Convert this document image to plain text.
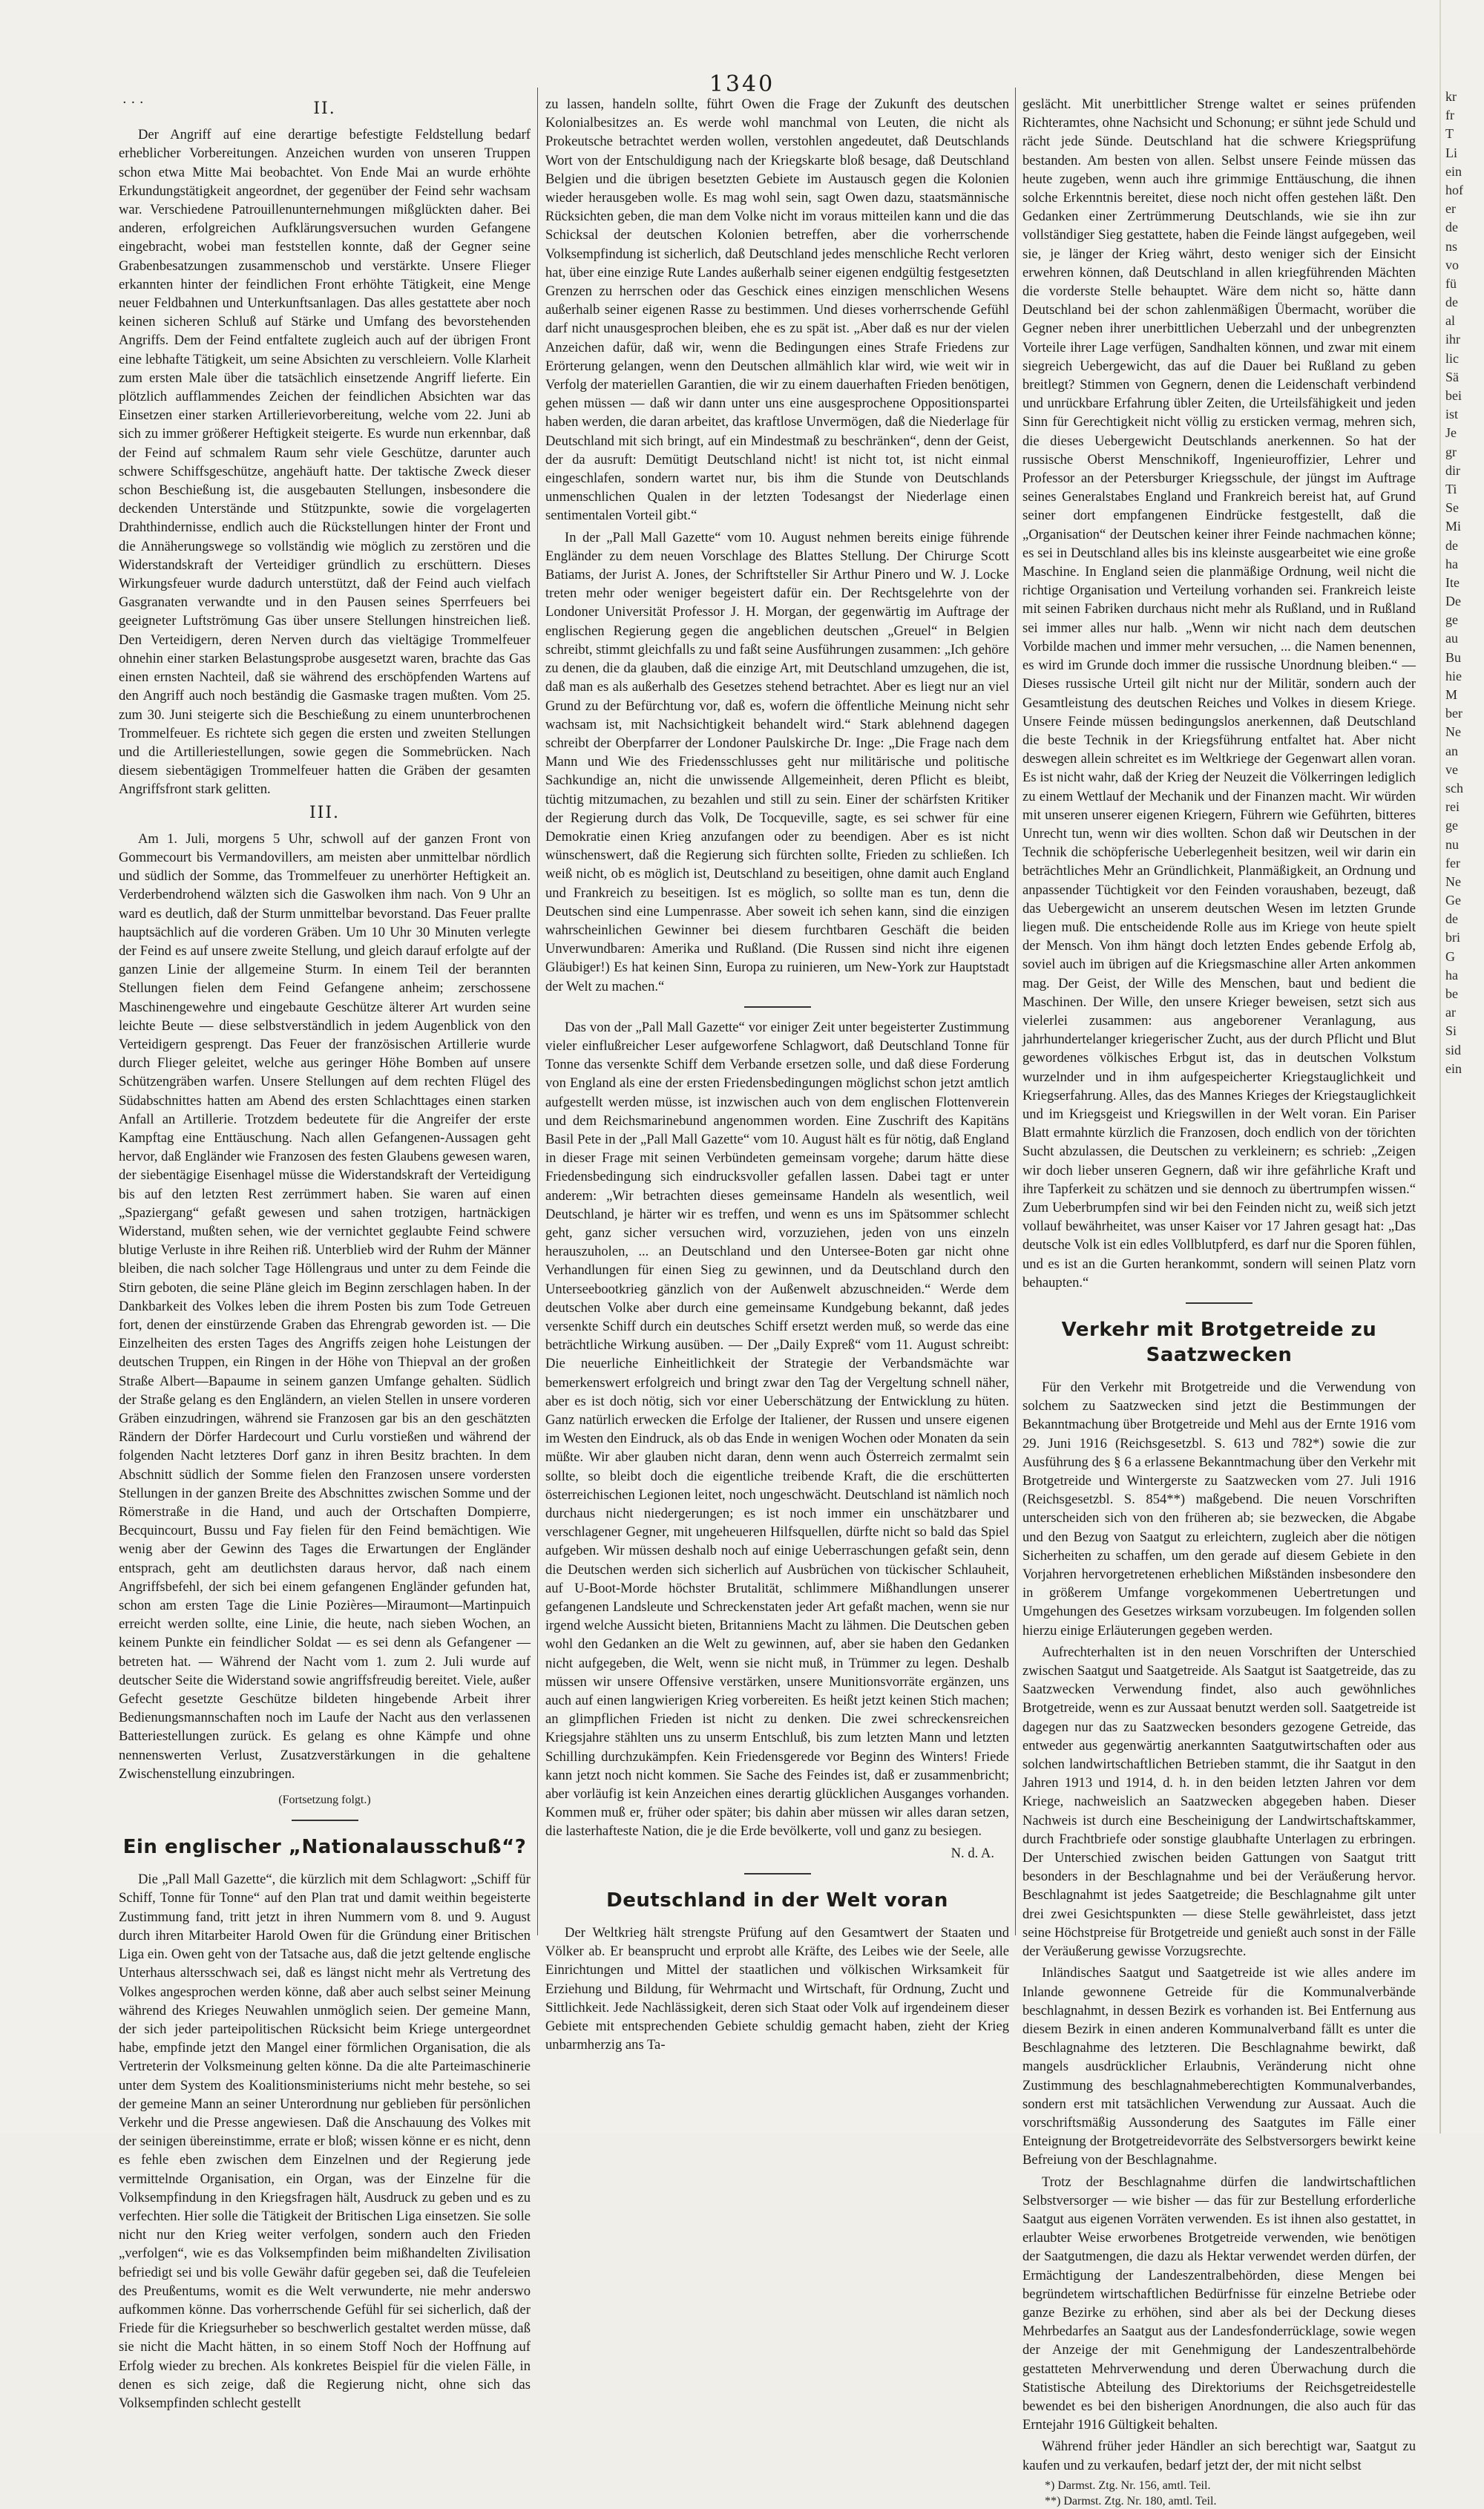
· · ·
1340
II.

Der Angriff auf eine derartige befestigte Feldstellung bedarf erheblicher Vorbereitungen. Anzeichen wurden von unseren Truppen schon etwa Mitte Mai beobachtet. Von Ende Mai an wurde erhöhte Erkundungstätigkeit angeordnet, der gegenüber der Feind sehr wachsam war. Verschiedene Patrouillenunternehmungen mißglückten daher. Bei anderen, erfolgreichen Aufklärungsversuchen wurden Gefangene eingebracht, wobei man feststellen konnte, daß der Gegner seine Grabenbesatzungen zusammenschob und verstärkte. Unsere Flieger erkannten hinter der feindlichen Front erhöhte Tätigkeit, eine Menge neuer Feldbahnen und Unterkunftsanlagen. Das alles gestattete aber noch keinen sicheren Schluß auf Stärke und Umfang des bevorstehenden Angriffs. Dem der Feind entfaltete zugleich auch auf der übrigen Front eine lebhafte Tätigkeit, um seine Absichten zu verschleiern. Volle Klarheit zum ersten Male über die tatsächlich einsetzende Angriff lieferte. Ein plötzlich aufflammendes Zeichen der feindlichen Absichten war das Einsetzen einer starken Artillerievorbereitung, welche vom 22. Juni ab sich zu immer größerer Heftigkeit steigerte. Es wurde nun erkennbar, daß der Feind auf schmalem Raum sehr viele Geschütze, darunter auch schwere Schiffsgeschütze, angehäuft hatte. Der taktische Zweck dieser schon Beschießung ist, die ausgebauten Stellungen, insbesondere die deckenden Unterstände und Stützpunkte, sowie die vorgelagerten Drahthindernisse, endlich auch die Rückstellungen hinter der Front und die Annäherungswege so vollständig wie möglich zu zerstören und die Widerstandskraft der Verteidiger gründlich zu erschüttern. Dieses Wirkungsfeuer wurde dadurch unterstützt, daß der Feind auch vielfach Gasgranaten verwandte und in den Pausen seines Sperrfeuers bei geeigneter Luftströmung Gas über unsere Stellungen hinstreichen ließ. Den Verteidigern, deren Nerven durch das vieltägige Trommelfeuer ohnehin einer starken Belastungsprobe ausgesetzt waren, brachte das Gas einen ernsten Nachteil, daß sie während des erschöpfenden Wartens auf den Angriff auch noch beständig die Gasmaske tragen mußten. Vom 25. zum 30. Juni steigerte sich die Beschießung zu einem ununterbrochenen Trommelfeuer. Es richtete sich gegen die ersten und zweiten Stellungen und die Artilleriestellungen, sowie gegen die Sommebrücken. Nach diesem siebentägigen Trommelfeuer hatten die Gräben der gesamten Angriffsfront stark gelitten.

III.

Am 1. Juli, morgens 5 Uhr, schwoll auf der ganzen Front von Gommecourt bis Vermandovillers, am meisten aber unmittelbar nördlich und südlich der Somme, das Trommelfeuer zu unerhörter Heftigkeit an. Verderbendrohend wälzten sich die Gaswolken ihm nach. Von 9 Uhr an ward es deutlich, daß der Sturm unmittelbar bevorstand. Das Feuer prallte hauptsächlich auf die vorderen Gräben. Um 10 Uhr 30 Minuten verlegte der Feind es auf unsere zweite Stellung, und gleich darauf erfolgte auf der ganzen Linie der allgemeine Sturm. In einem Teil der berannten Stellungen fielen dem Feind Gefangene anheim; zerschossene Maschinengewehre und eingebaute Geschütze älterer Art wurden seine leichte Beute — diese selbstverständlich in jedem Augenblick von den Verteidigern gesprengt. Das Feuer der französischen Artillerie wurde durch Flieger geleitet, welche aus geringer Höhe Bomben auf unsere Schützengräben warfen. Unsere Stellungen auf dem rechten Flügel des Südabschnittes hatten am Abend des ersten Schlachttages einen starken Anfall an Artillerie. Trotzdem bedeutete für die Angreifer der erste Kampftag eine Enttäuschung. Nach allen Gefangenen-Aussagen geht hervor, daß Engländer wie Franzosen des festen Glaubens gewesen waren, der siebentägige Eisenhagel müsse die Widerstandskraft der Verteidigung bis auf den letzten Rest zerrümmert haben. Sie waren auf einen „Spaziergang“ gefaßt gewesen und sahen trotzigen, hartnäckigen Widerstand, mußten sehen, wie der vernichtet geglaubte Feind schwere blutige Verluste in ihre Reihen riß. Unterblieb wird der Ruhm der Männer bleiben, die nach solcher Tage Höllengraus und unter zu dem Feinde die Stirn geboten, die seine Pläne gleich im Beginn zerschlagen haben. In der Dankbarkeit des Volkes leben die ihrem Posten bis zum Tode Getreuen fort, denen der einstürzende Graben das Ehrengrab geworden ist. — Die Einzelheiten des ersten Tages des Angriffs zeigen hohe Leistungen der deutschen Truppen, ein Ringen in der Höhe von Thiepval an der großen Straße Albert—Bapaume in seinem ganzen Umfange gehalten. Südlich der Straße gelang es den Engländern, an vielen Stellen in unsere vorderen Gräben einzudringen, während sie Franzosen gar bis an den geschätzten Rändern der Dörfer Hardecourt und Curlu vorstießen und während der folgenden Nacht letzteres Dorf ganz in ihren Besitz brachten. In dem Abschnitt südlich der Somme fielen den Franzosen unsere vordersten Stellungen in der ganzen Breite des Abschnittes zwischen Somme und der Römerstraße in die Hand, und auch der Ortschaften Dompierre, Becquincourt, Bussu und Fay fielen für den Feind bemächtigen. Wie wenig aber der Gewinn des Tages die Erwartungen der Engländer entsprach, geht am deutlichsten daraus hervor, daß nach einem Angriffsbefehl, der sich bei einem gefangenen Engländer gefunden hat, schon am ersten Tage die Linie Pozières—Miraumont—Martinpuich erreicht werden sollte, eine Linie, die heute, nach sieben Wochen, an keinem Punkte ein feindlicher Soldat — es sei denn als Gefangener — betreten hat. — Während der Nacht vom 1. zum 2. Juli wurde auf deutscher Seite die Widerstand sowie angriffsfreudig bereitet. Viele, außer Gefecht gesetzte Geschütze bildeten hingebende Arbeit ihrer Bedienungsmannschaften noch im Laufe der Nacht aus den verlassenen Batteriestellungen zurück. Es gelang es ohne Kämpfe und ohne nennenswerten Verlust, Zusatzverstärkungen in die gehaltene Zwischenstellung einzubringen.

(Fortsetzung folgt.)
Ein englischer „Nationalausschuß“?

Die „Pall Mall Gazette“, die kürzlich mit dem Schlagwort: „Schiff für Schiff, Tonne für Tonne“ auf den Plan trat und damit weithin begeisterte Zustimmung fand, tritt jetzt in ihren Nummern vom 8. und 9. August durch ihren Mitarbeiter Harold Owen für die Gründung einer Britischen Liga ein. Owen geht von der Tatsache aus, daß die jetzt geltende englische Unterhaus altersschwach sei, daß es längst nicht mehr als Vertretung des Volkes angesprochen werden könne, daß aber auch selbst seiner Meinung während des Krieges Neuwahlen unmöglich seien. Der gemeine Mann, der sich jeder parteipolitischen Rücksicht beim Kriege untergeordnet habe, empfinde jetzt den Mangel einer förmlichen Organisation, die als Vertreterin der Volksmeinung gelten könne. Da die alte Parteimaschinerie unter dem System des Koalitionsministeriums nicht mehr bestehe, so sei der gemeine Mann an seiner Unterordnung nur geblieben für persönlichen Verkehr und die Presse angewiesen. Daß die Anschauung des Volkes mit der seinigen übereinstimme, errate er bloß; wissen könne er es nicht, denn es fehle eben zwischen dem Einzelnen und der Regierung jede vermittelnde Organisation, ein Organ, was der Einzelne für die Volksempfindung in den Kriegsfragen hält, Ausdruck zu geben und es zu verfechten. Hier solle die Tätigkeit der Britischen Liga einsetzen. Sie solle nicht nur den Krieg weiter verfolgen, sondern auch den Frieden „verfolgen“, wie es das Volksempfinden beim mißhandelten Zivilisation befriedigt sei und bis volle Gewähr dafür gegeben sei, daß die Teufeleien des Preußentums, womit es die Welt verwunderte, nie mehr anderswo aufkommen könne. Das vorherrschende Gefühl für sei sicherlich, daß der Friede für die Kriegsurheber so beschwerlich gestaltet werden müsse, daß sie nicht die Macht hätten, in so einem Stoff Noch der Hoffnung auf Erfolg wieder zu brechen. Als konkretes Beispiel für die vielen Fälle, in denen es sich zeige, daß die Regierung nicht, ohne sich das Volksempfinden schlecht gestellt

zu lassen, handeln sollte, führt Owen die Frage der Zukunft des deutschen Kolonialbesitzes an. Es werde wohl manchmal von Leuten, die nicht als Prokeutsche betrachtet werden wollen, verstohlen angedeutet, daß Deutschlands Wort von der Entschuldigung nach der Kriegskarte bloß besage, daß Deutschland Belgien und die übrigen besetzten Gebiete im Austausch gegen die Kolonien wieder herausgeben wolle. Es mag wohl sein, sagt Owen dazu, staatsmännische Rücksichten geben, die man dem Volke nicht im voraus mitteilen kann und die das Schicksal der deutschen Kolonien betreffen, aber die vorherrschende Volksempfindung ist sicherlich, daß Deutschland jedes menschliche Recht verloren hat, über eine einzige Rute Landes außerhalb seiner eigenen endgültig festgesetzten Grenzen zu herrschen oder das Geschick eines einzigen menschlichen Wesens außerhalb seiner eigenen Rasse zu bestimmen. Und dieses vorherrschende Gefühl darf nicht unausgesprochen bleiben, ehe es zu spät ist. „Aber daß es nur der vielen Anzeichen dafür, daß wir, wenn die Bedingungen eines Strafe Friedens zur Erörterung gelangen, wenn den Deutschen allmählich klar wird, wie weit wir in Verfolg der materiellen Garantien, die wir zu einem dauerhaften Frieden benötigen, gehen müssen — daß wir dann unter uns eine ausgesprochene Oppositionspartei haben werden, die daran arbeitet, das kraftlose Unvermögen, daß die Niederlage für Deutschland mit sich bringt, auf ein Mindestmaß zu beschränken“, denn der Geist, der da ausruft: Demütigt Deutschland nicht! ist nicht tot, ist nicht einmal eingeschlafen, sondern wartet nur, bis ihm die Stunde von Deutschlands unmenschlichen Qualen in der letzten Todesangst der Niederlage einen sentimentalen Vorteil gibt.“

In der „Pall Mall Gazette“ vom 10. August nehmen bereits einige führende Engländer zu dem neuen Vorschlage des Blattes Stellung. Der Chirurge Scott Batiams, der Jurist A. Jones, der Schriftsteller Sir Arthur Pinero und W. J. Locke treten mehr oder weniger begeistert dafür ein. Der Rechtsgelehrte von der Londoner Universität Professor J. H. Morgan, der gegenwärtig im Auftrage der englischen Regierung gegen die angeblichen deutschen „Greuel“ in Belgien schreibt, stimmt gleichfalls zu und faßt seine Ausführungen zusammen: „Ich gehöre zu denen, die da glauben, daß die einzige Art, mit Deutschland umzugehen, die ist, daß man es als außerhalb des Gesetzes stehend betrachtet. Aber es liegt nur an viel Grund zu der Befürchtung vor, daß es, wofern die öffentliche Meinung nicht sehr wachsam ist, mit Nachsichtigkeit behandelt wird.“ Stark ablehnend dagegen schreibt der Oberpfarrer der Londoner Paulskirche Dr. Inge: „Die Frage nach dem Mann und Wie des Friedensschlusses geht nur militärische und politische Sachkundige an, nicht die unwissende Allgemeinheit, deren Pflicht es bleibt, tüchtig mitzumachen, zu bezahlen und still zu sein. Einer der schärfsten Kritiker der Regierung durch das Volk, De Tocqueville, sagte, es sei schwer für eine Demokratie einen Krieg anzufangen oder zu beendigen. Aber es ist nicht wünschenswert, daß die Regierung sich fürchten sollte, Frieden zu schließen. Ich weiß nicht, ob es möglich ist, Deutschland zu beseitigen, ohne damit auch England und Frankreich zu beseitigen. Ist es möglich, so sollte man es tun, denn die Deutschen sind eine Lumpenrasse. Aber soweit ich sehen kann, sind die einzigen wahrscheinlichen Gewinner bei diesem furchtbaren Geschäft die beiden Unverwundbaren: Amerika und Rußland. (Die Russen sind nicht ihre eigenen Gläubiger!) Es hat keinen Sinn, Europa zu ruinieren, um New-York zur Hauptstadt der Welt zu machen.“

Das von der „Pall Mall Gazette“ vor einiger Zeit unter begeisterter Zustimmung vieler einflußreicher Leser aufgeworfene Schlagwort, daß Deutschland Tonne für Tonne das versenkte Schiff dem Verbande ersetzen solle, und daß diese Forderung von England als eine der ersten Friedensbedingungen möglichst schon jetzt amtlich aufgestellt werden müsse, ist inzwischen auch von dem englischen Flottenverein und dem Reichsmarinebund angenommen worden. Eine Zuschrift des Kapitäns Basil Pete in der „Pall Mall Gazette“ vom 10. August hält es für nötig, daß England in dieser Frage mit seinen Verbündeten gemeinsam vorgehe; darum hätte diese Friedensbedingung sich eindrucksvoller gefallen lassen. Dabei tagt er unter anderem: „Wir betrachten dieses gemeinsame Handeln als wesentlich, weil Deutschland, je härter wir es treffen, und wenn es uns im Spätsommer schlecht geht, ganz sicher versuchen wird, vorzuziehen, jeden von uns einzeln herauszuholen, ... an Deutschland und den Untersee-Boten gar nicht ohne Verhandlungen für einen Sieg zu gewinnen, und da Deutschland durch den Unterseebootkrieg gänzlich von der Außenwelt abzuschneiden.“ Werde dem deutschen Volke aber durch eine gemeinsame Kundgebung bekannt, daß jedes versenkte Schiff durch ein deutsches Schiff ersetzt werden muß, so werde das eine beträchtliche Wirkung ausüben. — Der „Daily Expreß“ vom 11. August schreibt: Die neuerliche Einheitlichkeit der Strategie der Verbandsmächte war bemerkenswert erfolgreich und bringt zwar den Tag der Vergeltung schnell näher, aber es ist doch nötig, sich vor einer Ueberschätzung der Entwicklung zu hüten. Ganz natürlich erwecken die Erfolge der Italiener, der Russen und unsere eigenen im Westen den Eindruck, als ob das Ende in wenigen Wochen oder Monaten da sein müßte. Wir aber glauben nicht daran, denn wenn auch Österreich zermalmt sein sollte, so bleibt doch die eigentliche treibende Kraft, die die erschütterten österreichischen Legionen leitet, noch ungeschwächt. Deutschland ist nämlich noch durchaus nicht niedergerungen; es ist noch immer ein unschätzbarer und verschlagener Gegner, mit ungeheueren Hilfsquellen, dürfte nicht so bald das Spiel aufgeben. Wir müssen deshalb noch auf einige Ueberraschungen gefaßt sein, denn die Deutschen werden sich sicherlich auf Ausbrüchen von tückischer Schlauheit, auf U-Boot-Morde höchster Brutalität, schlimmere Mißhandlungen unserer gefangenen Landsleute und Schreckenstaten jeder Art gefaßt machen, wenn sie nur irgend welche Aussicht bieten, Britanniens Macht zu lähmen. Die Deutschen geben wohl den Gedanken an die Welt zu gewinnen, auf, aber sie haben den Gedanken nicht aufgegeben, die Welt, wenn sie nicht muß, in Trümmer zu legen. Deshalb müssen wir unsere Offensive verstärken, unsere Munitionsvorräte ergänzen, uns auch auf einen langwierigen Krieg vorbereiten. Es heißt jetzt keinen Stich machen; an glimpflichen Frieden ist nicht zu denken. Die zwei schreckensreichen Kriegsjahre stählten uns zu unserm Entschluß, bis zum letzten Mann und letzten Schilling durchzukämpfen. Kein Friedensgerede vor Beginn des Winters! Friede kann jetzt noch nicht kommen. Sie Sache des Feindes ist, daß er zusammenbricht; aber vorläufig ist kein Anzeichen eines derartig glücklichen Ausganges vorhanden. Kommen muß er, früher oder später; bis dahin aber müssen wir alles daran setzen, die lasterhafteste Nation, die je die Erde bevölkerte, voll und ganz zu besiegen.

N. d. A.
Deutschland in der Welt voran

Der Weltkrieg hält strengste Prüfung auf den Gesamtwert der Staaten und Völker ab. Er beansprucht und erprobt alle Kräfte, des Leibes wie der Seele, alle Einrichtungen und Mittel der staatlichen und völkischen Wirksamkeit für Erziehung und Bildung, für Wehrmacht und Wirtschaft, für Ordnung, Zucht und Sittlichkeit. Jede Nachlässigkeit, deren sich Staat oder Volk auf irgendeinem dieser Gebiete mit entsprechenden Gebiete schuldig gemacht haben, zieht der Krieg unbarmherzig ans Ta-

geslächt. Mit unerbittlicher Strenge waltet er seines prüfenden Richteramtes, ohne Nachsicht und Schonung; er sühnt jede Schuld und rächt jede Sünde. Deutschland hat die schwere Kriegsprüfung bestanden. Am besten von allen. Selbst unsere Feinde müssen das heute zugeben, wenn auch ihre grimmige Enttäuschung, die ihnen solche Erkenntnis bereitet, diese noch nicht offen gestehen läßt. Den Gedanken einer Zertrümmerung Deutschlands, wie sie ihn zur vollständiger Sieg gestattete, haben die Feinde längst aufgegeben, weil sie, je länger der Krieg währt, desto weniger sich der Einsicht erwehren können, daß Deutschland in allen kriegführenden Mächten die vorderste Stelle behauptet. Wäre dem nicht so, hätte dann Deutschland bei der schon zahlenmäßigen Übermacht, worüber die Gegner neben ihrer unerbittlichen Ueberzahl und der unbegrenzten Vorteile ihrer Lage verfügen, Sandhalten können, und zwar mit einem siegreich Uebergewicht, das auf die Dauer bei Rußland zu geben breitlegt? Stimmen von Gegnern, denen die Leidenschaft verbindend und unrückbare Erfahrung übler Zeiten, die Urteilsfähigkeit und jeden Sinn für Gerechtigkeit nicht völlig zu ersticken vermag, mehren sich, die dieses Uebergewicht Deutschlands anerkennen. So hat der russische Oberst Menschnikoff, Ingenieuroffizier, Lehrer und Professor an der Petersburger Kriegsschule, der jüngst im Auftrage seines Generalstabes England und Frankreich bereist hat, auf Grund seiner dort empfangenen Eindrücke festgestellt, daß die „Organisation“ der Deutschen keiner ihrer Feinde nachmachen könne; es sei in Deutschland alles bis ins kleinste ausgearbeitet wie eine große Maschine. In England seien die planmäßige Ordnung, weil nicht die richtige Organisation und Verteilung vorhanden sei. Frankreich leiste mit seinen Fabriken durchaus nicht mehr als Rußland, und in Rußland sei immer alles nur halb. „Wenn wir nicht nach dem deutschen Vorbilde machen und immer mehr versuchen, ... die Namen benennen, es wird im Grunde doch immer die russische Unordnung bleiben.“ — Dieses russische Urteil gilt nicht nur der Militär, sondern auch der Gesamtleistung des deutschen Reiches und Volkes in diesem Kriege. Unsere Feinde müssen bedingungslos anerkennen, daß Deutschland die beste Technik in der Kriegsführung entfaltet hat. Aber nicht deswegen allein schreitet es im Weltkriege der Gegenwart allen voran. Es ist nicht wahr, daß der Krieg der Neuzeit die Völkerringen lediglich zu einem Wettlauf der Mechanik und der Finanzen macht. Wir würden mit unseren unserer eigenen Kriegern, Führern wie Geführten, bitteres Unrecht tun, wenn wir dies wollten. Schon daß wir Deutschen in der Technik die schöpferische Ueberlegenheit besitzen, weil wir darin ein beträchtliches Mehr an Gründlichkeit, Planmäßigkeit, an Ordnung und anpassender Tüchtigkeit vor den Feinden voraushaben, bezeugt, daß das Uebergewicht an unserem deutschen Wesen im letzten Grunde liegen muß. Die entscheidende Rolle aus im Kriege von heute spielt der Mensch. Von ihm hängt doch letzten Endes gebende Erfolg ab, soviel auch im übrigen auf die Kriegsmaschine aller Arten ankommen mag. Der Geist, der Wille des Menschen, baut und bedient die Maschinen. Der Wille, den unsere Krieger beweisen, setzt sich aus vielerlei zusammen: aus angeborener Veranlagung, aus jahrhundertelanger kriegerischer Zucht, aus der durch Pflicht und Blut gewordenes völkisches Erbgut ist, das in deutschen Volkstum wurzelnder und in ihm aufgespeicherter Kriegstauglichkeit und Kriegserfahrung. Alles, das des Mannes Krieges der Kriegstauglichkeit und im Kriegsgeist und Kriegswillen in der Welt voran. Ein Pariser Blatt ermahnte kürzlich die Franzosen, doch endlich von der törichten Sucht abzulassen, die Deutschen zu verkleinern; es schrieb: „Zeigen wir doch lieber unseren Gegnern, daß wir ihre gefährliche Kraft und ihre Tapferkeit zu schätzen und sie dennoch zu übertrumpfen wissen.“ Zum Ueberbrumpfen sind wir bei den Feinden nicht zu, weiß sich jetzt vollauf bewährheitet, was unser Kaiser vor 17 Jahren gesagt hat: „Das deutsche Volk ist ein edles Vollblutpferd, es darf nur die Sporen fühlen, und es ist an die Gurten herankommt, sondern will seinen Platz vorn behaupten.“

Verkehr mit Brotgetreide zu Saatzwecken

Für den Verkehr mit Brotgetreide und die Verwendung von solchem zu Saatzwecken sind jetzt die Bestimmungen der Bekanntmachung über Brotgetreide und Mehl aus der Ernte 1916 vom 29. Juni 1916 (Reichsgesetzbl. S. 613 und 782*) sowie die zur Ausführung des § 6 a erlassene Bekanntmachung über den Verkehr mit Brotgetreide und Wintergerste zu Saatzwecken vom 27. Juli 1916 (Reichsgesetzbl. S. 854**) maßgebend. Die neuen Vorschriften unterscheiden sich von den früheren ab; sie bezwecken, die Abgabe und den Bezug von Saatgut zu erleichtern, zugleich aber die nötigen Sicherheiten zu schaffen, um den gerade auf diesem Gebiete in den Vorjahren hervorgetretenen erheblichen Mißständen insbesondere den in größerem Umfange vorgekommenen Uebertretungen und Umgehungen des Gesetzes wirksam vorzubeugen. Im folgenden sollen hierzu einige Erläuterungen gegeben werden.

Aufrechterhalten ist in den neuen Vorschriften der Unterschied zwischen Saatgut und Saatgetreide. Als Saatgut ist Saatgetreide, das zu Saatzwecken Verwendung findet, also auch gewöhnliches Brotgetreide, wenn es zur Aussaat benutzt werden soll. Saatgetreide ist dagegen nur das zu Saatzwecken besonders gezogene Getreide, das entweder aus gegenwärtig anerkannten Saatgutwirtschaften oder aus solchen landwirtschaftlichen Betrieben stammt, die ihr Saatgut in den Jahren 1913 und 1914, d. h. in den beiden letzten Jahren vor dem Kriege, nachweislich an Saatzwecken abgegeben haben. Dieser Nachweis ist durch eine Bescheinigung der Landwirtschaftskammer, durch Frachtbriefe oder sonstige glaubhafte Unterlagen zu erbringen. Der Unterschied zwischen beiden Gattungen von Saatgut tritt besonders in der Beschlagnahme und bei der Veräußerung hervor. Beschlagnahmt ist jedes Saatgetreide; die Beschlagnahme gilt unter drei zwei Gesichtspunkten — diese Stelle gewährleistet, dass jetzt seine Höchstpreise für Brotgetreide und genießt auch sonst in der Fälle der Veräußerung gewisse Vorzugsrechte.

Inländisches Saatgut und Saatgetreide ist wie alles andere im Inlande gewonnene Getreide für die Kommunalverbände beschlagnahmt, in dessen Bezirk es vorhanden ist. Bei Entfernung aus diesem Bezirk in einen anderen Kommunalverband fällt es unter die Beschlagnahme des letzteren. Die Beschlagnahme bewirkt, daß mangels ausdrücklicher Erlaubnis, Veränderung nicht ohne Zustimmung des beschlagnahmeberechtigten Kommunalverbandes, sondern erst mit tatsächlichen Verwendung zur Aussaat. Auch die vorschriftsmäßig Aussonderung des Saatgutes im Fälle einer Enteignung der Brotgetreidevorräte des Selbstversorgers bewirkt keine Befreiung von der Beschlagnahme.

Trotz der Beschlagnahme dürfen die landwirtschaftlichen Selbstversorger — wie bisher — das für zur Bestellung erforderliche Saatgut aus eigenen Vorräten verwenden. Es ist ihnen also gestattet, in erlaubter Weise erworbenes Brotgetreide verwenden, wie benötigen der Saatgutmengen, die dazu als Hektar verwendet werden dürfen, der Ermächtigung der Landeszentralbehörden, diese Mengen bei begründetem wirtschaftlichen Bedürfnisse für einzelne Betriebe oder ganze Bezirke zu erhöhen, sind aber als bei der Deckung dieses Mehrbedarfes an Saatgut aus der Landesfonderrücklage, sowie wegen der Anzeige der mit Genehmigung der Landeszentralbehörde gestatteten Mehrverwendung und deren Überwachung durch die Statistische Abteilung des Direktoriums der Reichsgetreidestelle bewendet es bei den bisherigen Anordnungen, die also auch für das Erntejahr 1916 Gültigkeit behalten.

Während früher jeder Händler an sich berechtigt war, Saatgut zu kaufen und zu verkaufen, bedarf jetzt der, der mit nicht selbst

*) Darmst. Ztg. Nr. 156, amtl. Teil.
**) Darmst. Ztg. Nr. 180, amtl. Teil.
kr
fr
T
Li
ein
hof
er
de
ns
vo
fü
de
al
ihr
lic
Sä
bei
ist
Je
gr
dir
Ti
Se
Mi
de
ha
Ite
De
ge
au
Bu
hie
M
ber
Ne
an
ve
sch
rei
ge
nu
fer
Ne
Ge
de
bri
G
ha
be
ar
Si
sid
ein
